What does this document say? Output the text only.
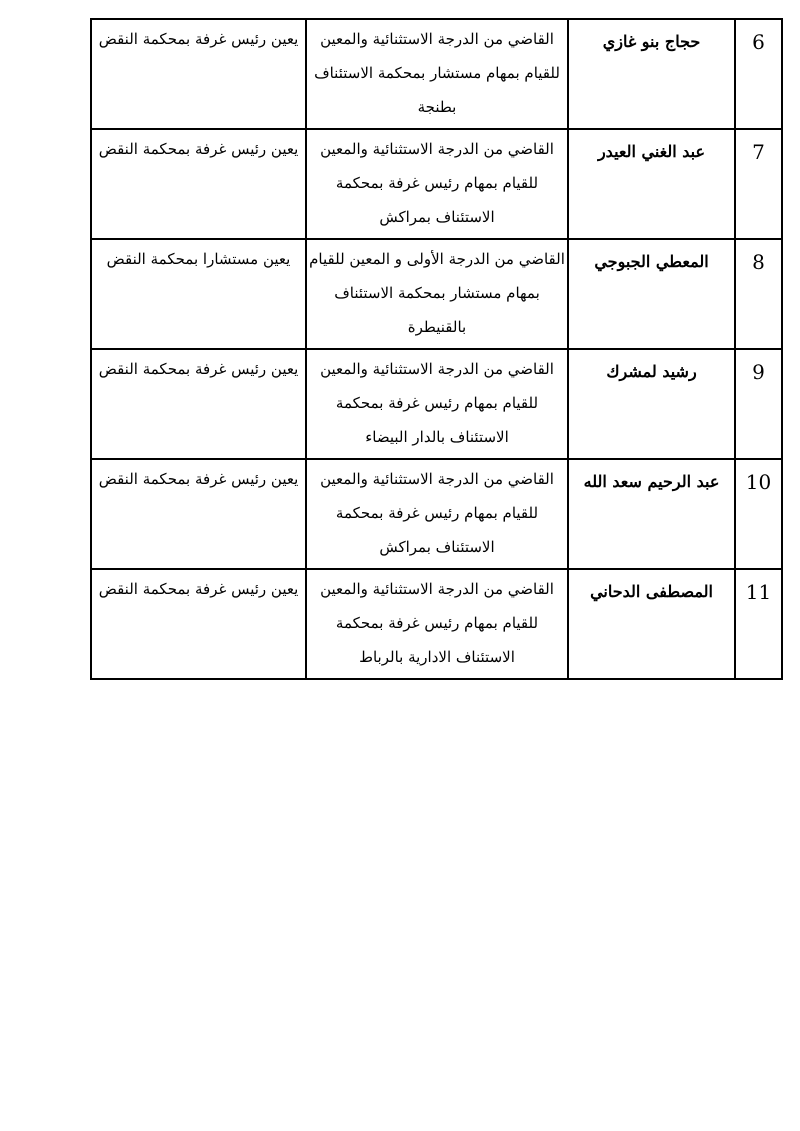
6	حجاج بنو غازي	القاضي من الدرجة الاستثنائية والمعين للقيام بمهام مستشار بمحكمة الاستئناف بطنجة	يعين رئيس غرفة بمحكمة النقض
7	عبد الغني العيدر	القاضي من الدرجة الاستثنائية والمعين للقيام بمهام رئيس غرفة بمحكمة الاستئناف بمراكش	يعين رئيس غرفة بمحكمة النقض
8	المعطي الجبوجي	القاضي من الدرجة الأولى و المعين للقيام بمهام مستشار بمحكمة الاستئناف بالقنيطرة	يعين مستشارا بمحكمة النقض
9	رشيد لمشرك	القاضي من الدرجة الاستثنائية والمعين للقيام بمهام رئيس غرفة بمحكمة الاستئناف بالدار البيضاء	يعين رئيس غرفة بمحكمة النقض
10	عبد الرحيم سعد الله	القاضي من الدرجة الاستثنائية والمعين للقيام بمهام رئيس غرفة بمحكمة الاستئناف بمراكش	يعين رئيس غرفة بمحكمة النقض
11	المصطفى الدحاني	القاضي من الدرجة الاستثنائية والمعين للقيام بمهام رئيس غرفة بمحكمة الاستئناف الادارية بالرباط	يعين رئيس غرفة بمحكمة النقض
